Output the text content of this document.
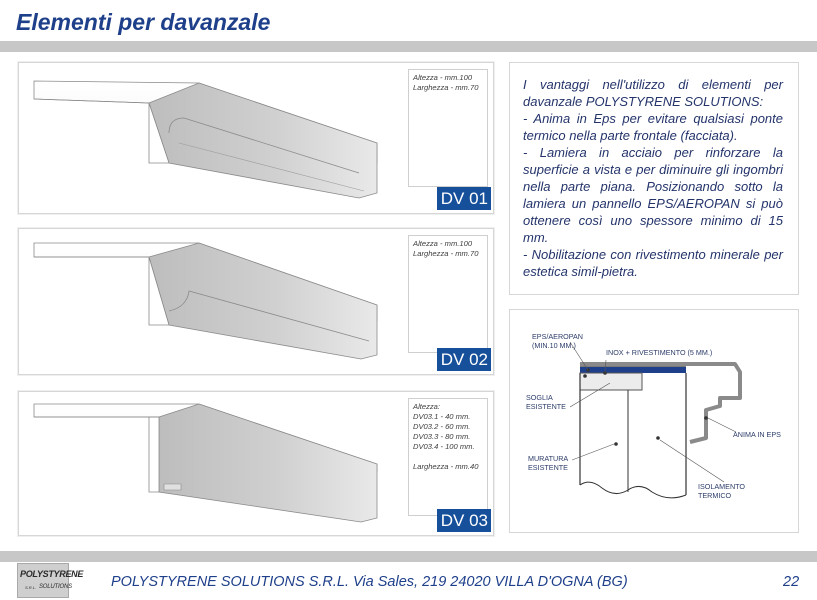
Elementi per davanzale
Altezza - mm.100
Larghezza - mm.70
DV 01
Altezza - mm.100
Larghezza - mm.70
DV 02
Altezza:
DV03.1 - 40 mm.
DV03.2 - 60 mm.
DV03.3 - 80 mm.
DV03.4 - 100 mm.

Larghezza - mm.40
DV 03

I vantaggi nell'utilizzo di elementi per davanzale POLYSTYRENE SOLUTIONS:

- Anima in Eps per evitare qualsiasi ponte termico nella parte frontale (facciata).

- Lamiera in acciaio per rinforzare la superficie a vista e per diminuire gli ingombri nella parte piana. Posizionando sotto la lamiera un pannello EPS/AEROPAN si può ottenere così uno spessore minimo di 15 mm.

- Nobilitazione con rivestimento minerale per estetica simil-pietra.

EPS/AEROPAN
(MIN.10 MM.)
INOX + RIVESTIMENTO (5 MM.)
SOGLIA
ESISTENTE
ANIMA IN EPS
MURATURA
ESISTENTE
ISOLAMENTO
TERMICO
POLYSTYRENE
S.R.L. SOLUTIONS	POLYSTYRENE SOLUTIONS S.R.L. Via Sales, 219 24020 VILLA D'OGNA (BG)	22
